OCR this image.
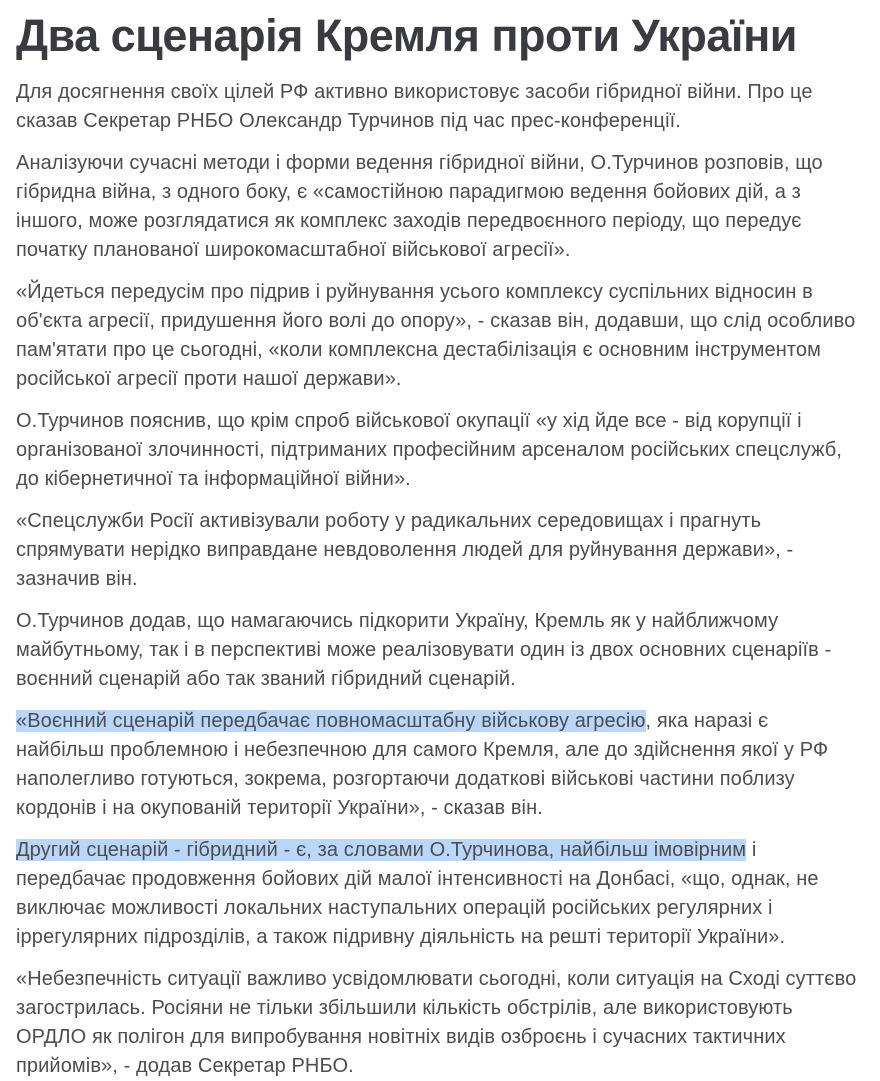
Два сценарія Кремля проти України

Для досягнення своїх цілей РФ активно використовує засоби гібридної війни. Про це сказав Секретар РНБО Олександр Турчинов під час прес-конференції.

Аналізуючи сучасні методи і форми ведення гібридної війни, О.Турчинов розповів, що гібридна війна, з одного боку, є «самостійною парадигмою ведення бойових дій, а з іншого, може розглядатися як комплекс заходів передвоєнного періоду, що передує початку планованої широкомасштабної військової агресії».

«Йдеться передусім про підрив і руйнування усього комплексу суспільних відносин в об'єкта агресії, придушення його волі до опору», - сказав він, додавши, що слід особливо пам'ятати про це сьогодні, «коли комплексна дестабілізація є основним інструментом російської агресії проти нашої держави».

О.Турчинов пояснив, що крім спроб військової окупації «у хід йде все - від корупції і організованої злочинності, підтриманих професійним арсеналом російських спецслужб, до кібернетичної та інформаційної війни».

«Спецслужби Росії активізували роботу у радикальних середовищах і прагнуть спрямувати нерідко виправдане невдоволення людей для руйнування держави», - зазначив він.

О.Турчинов додав, що намагаючись підкорити Україну, Кремль як у найближчому майбутньому, так і в перспективі може реалізовувати один із двох основних сценаріїв - воєнний сценарій або так званий гібридний сценарій.

«Воєнний сценарій передбачає повномасштабну військову агресію, яка наразі є найбільш проблемною і небезпечною для самого Кремля, але до здійснення якої у РФ наполегливо готуються, зокрема, розгортаючи додаткові військові частини поблизу кордонів і на окупованій території України», - сказав він.

Другий сценарій - гібридний - є, за словами О.Турчинова, найбільш імовірним і передбачає продовження бойових дій малої інтенсивності на Донбасі, «що, однак, не виключає можливості локальних наступальних операцій російських регулярних і іррегулярних підрозділів, а також підривну діяльність на решті території України».

«Небезпечність ситуації важливо усвідомлювати сьогодні, коли ситуація на Сході суттєво загострилась. Росіяни не тільки збільшили кількість обстрілів, але використовують ОРДЛО як полігон для випробування новітніх видів озброєнь і сучасних тактичних прийомів», - додав Секретар РНБО.
